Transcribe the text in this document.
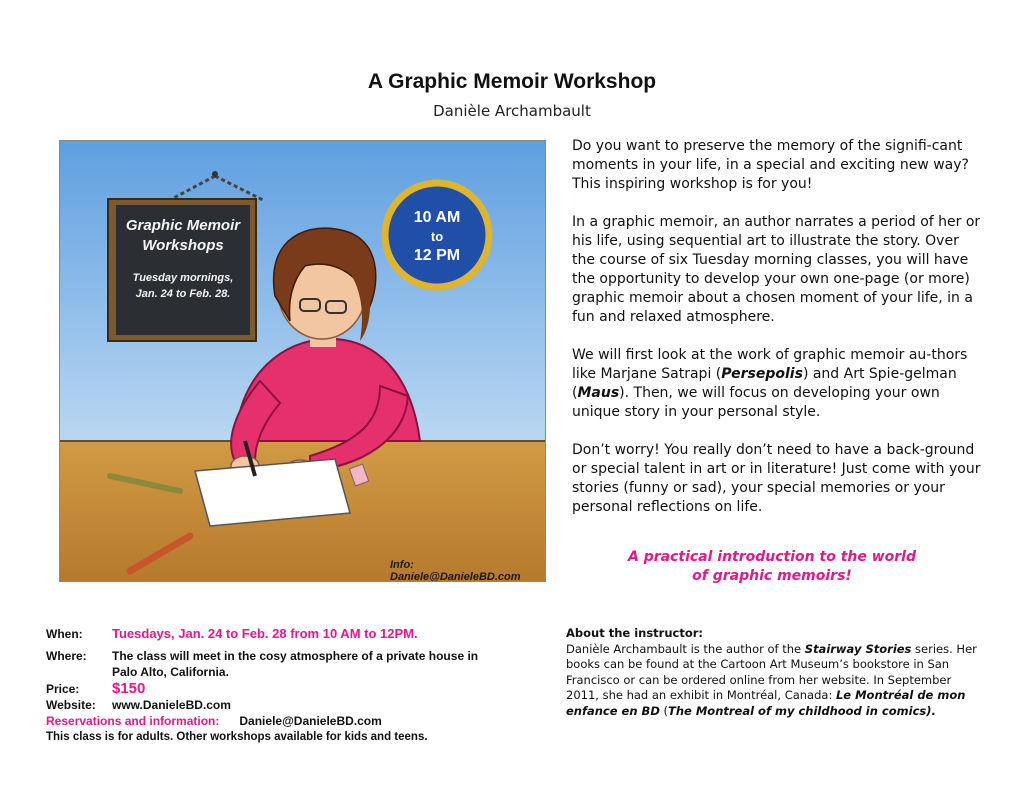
A Graphic Memoir Workshop
Danièle Archambault
Graphic Memoir
Workshops
Tuesday mornings,
Jan. 24 to Feb. 28.
10 AM
to
12 PM
Info: Daniele@DanieleBD.com

Do you want to preserve the memory of the signifi-cant moments in your life, in a special and exciting new way? This inspiring workshop is for you!

In a graphic memoir, an author narrates a period of her or his life, using sequential art to illustrate the story. Over the course of six Tuesday morning classes, you will have the opportunity to develop your own one-page (or more) graphic memoir about a chosen moment of your life, in a fun and relaxed atmosphere.

We will first look at the work of graphic memoir au-thors like Marjane Satrapi (Persepolis) and Art Spie-gelman (Maus). Then, we will focus on developing your own unique story in your personal style.

Don’t worry! You really don’t need to have a back-ground or special talent in art or in literature! Just come with your stories (funny or sad), your special memories or your personal reflections on life.

A practical introduction to the world
of graphic memoirs!
When: Tuesdays, Jan. 24 to Feb. 28 from 10 AM to 12PM.
Where: The class will meet in the cosy atmosphere of a private house in
Palo Alto, California.
Price: $150
Website: www.DanieleBD.com
Reservations and information: Daniele@DanieleBD.com
This class is for adults. Other workshops available for kids and teens.
About the instructor:
Danièle Archambault is the author of the Stairway Stories series. Her books can be found at the Cartoon Art Museum’s bookstore in San Francisco or can be ordered online from her website. In September 2011, she had an exhibit in Montréal, Canada: Le Montréal de mon enfance en BD (The Montreal of my childhood in comics).
